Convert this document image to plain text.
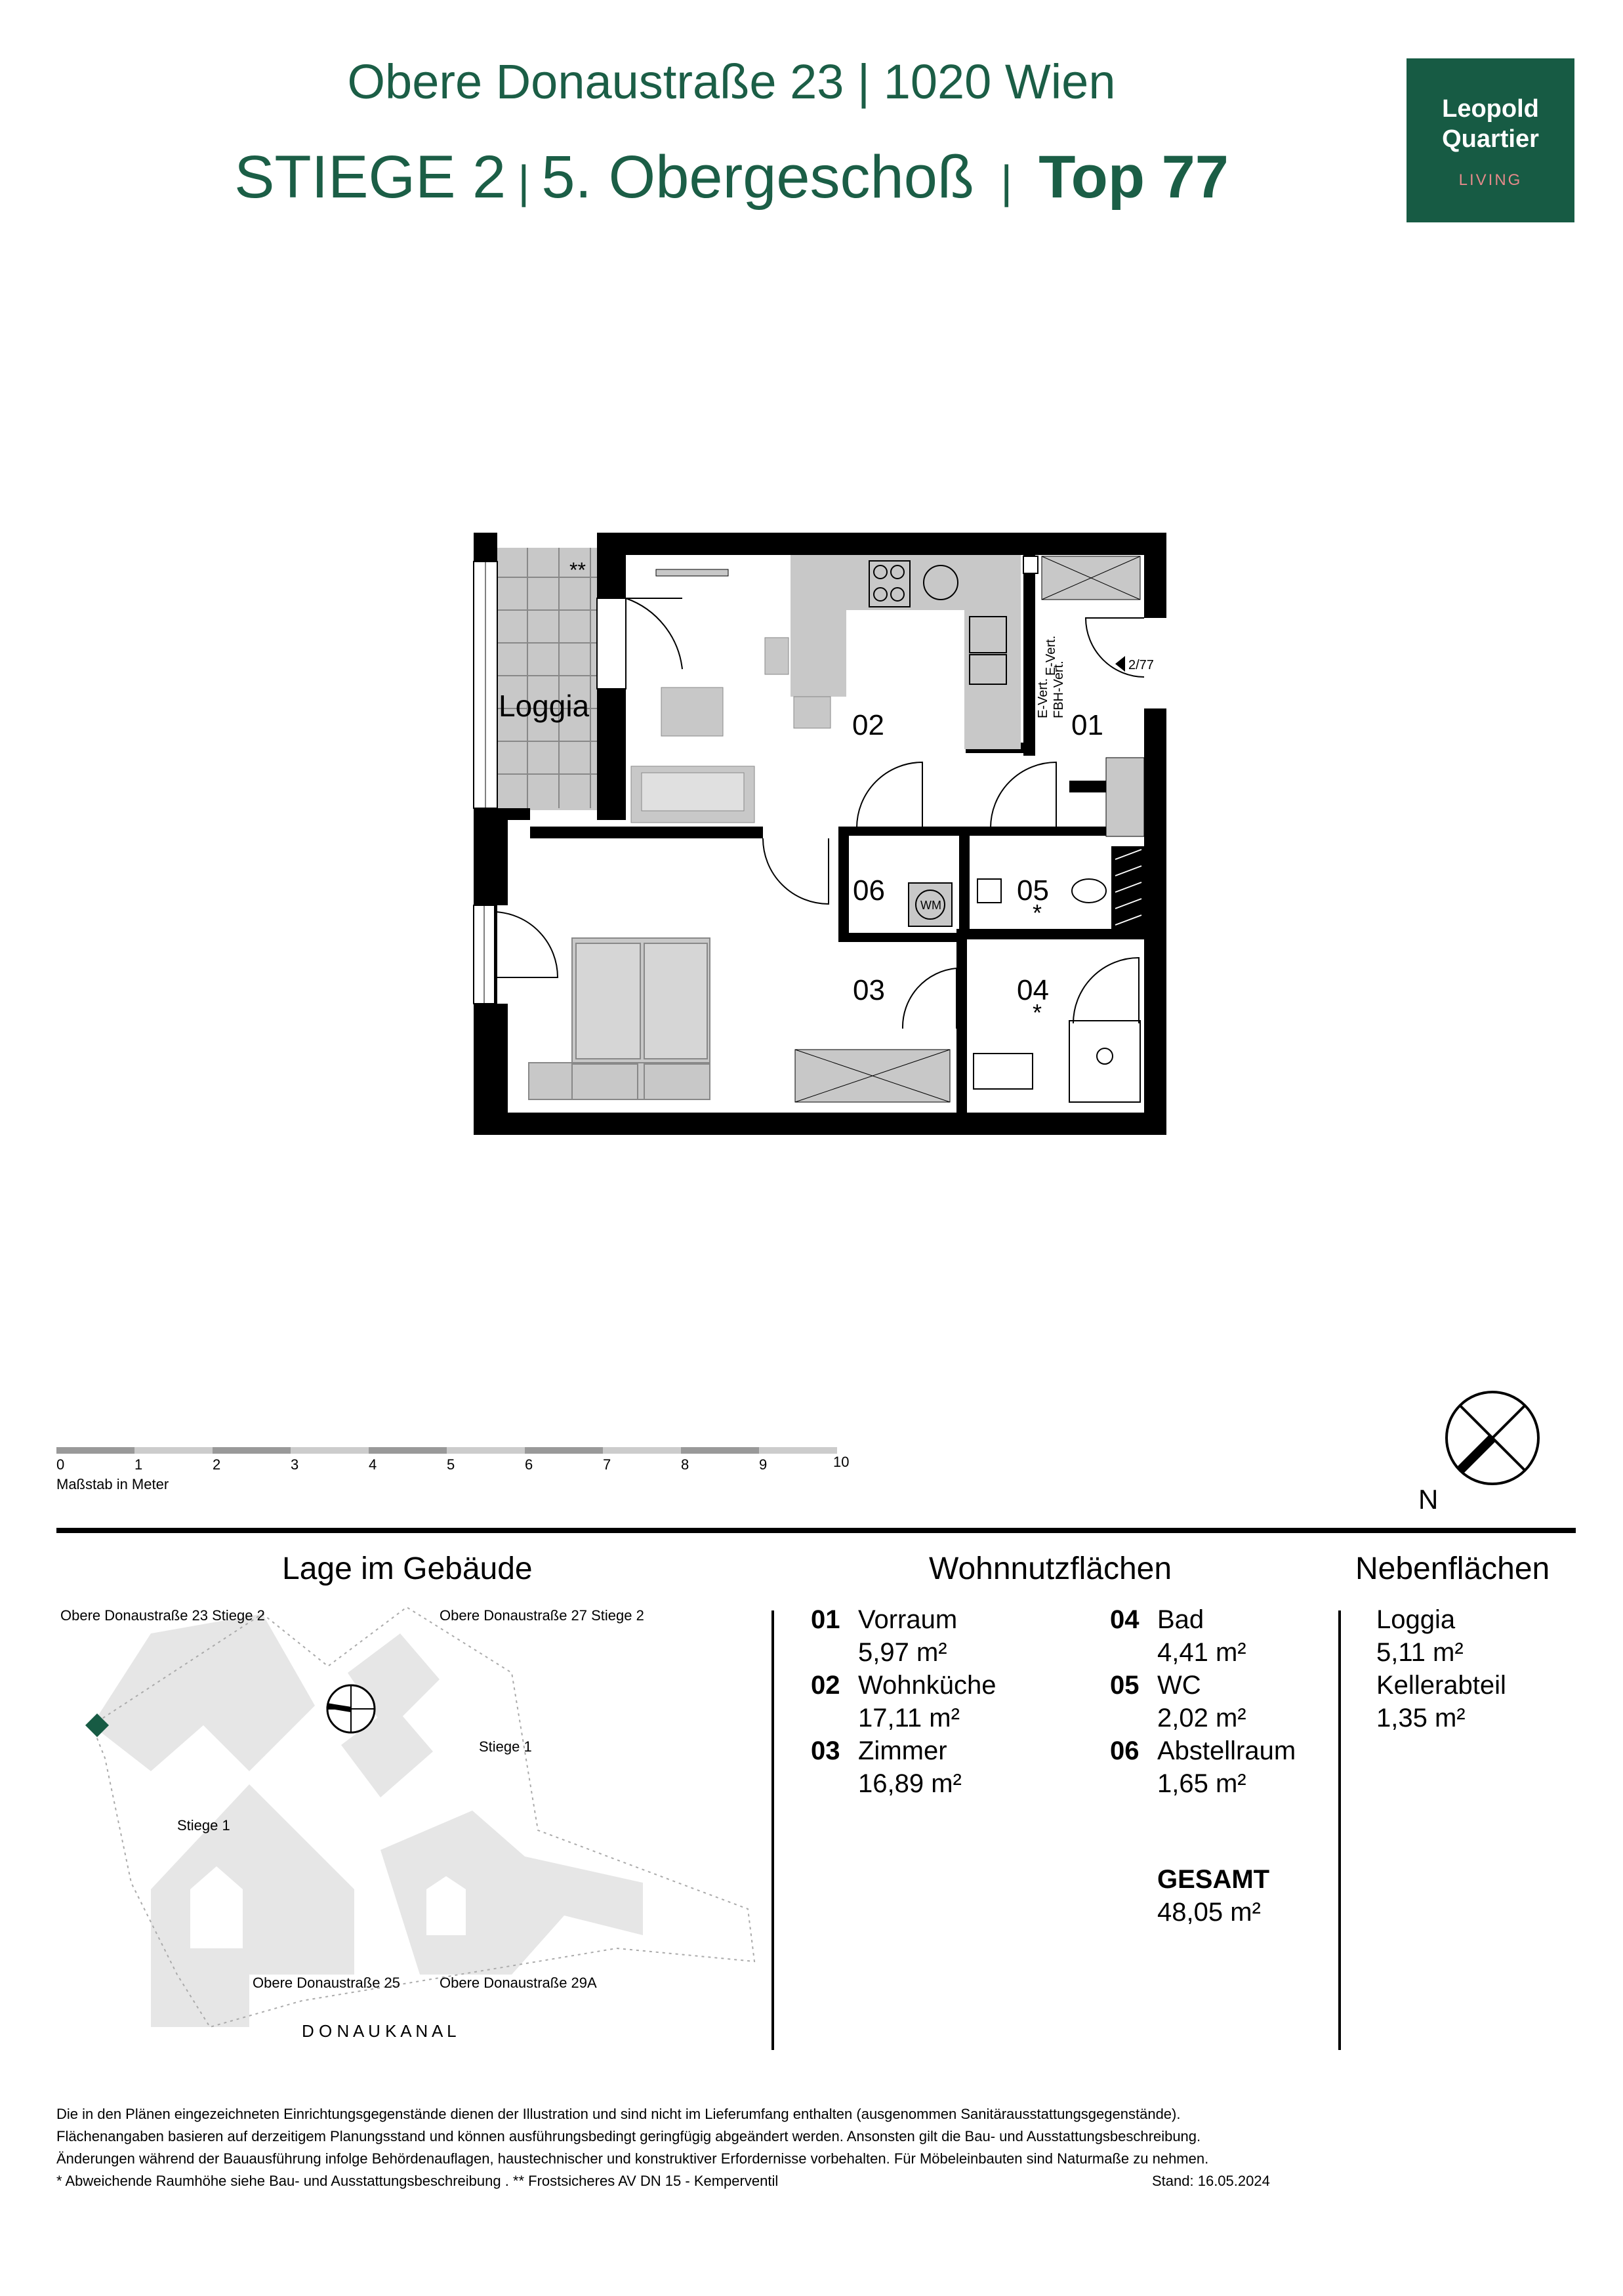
Obere Donaustraße 23 | 1020 Wien
STIEGE 2 | 5. Obergeschoß | Top 77
Leopold
Quartier
LIVING
Loggia
**
02	01
06	05
03	04
*
*
WM
2/77
E-Vert.
E-Vert.
FBH-Vert.
0	1	2	3	4	5	6	7	8	9	10
Maßstab in Meter	N
Lage im Gebäude
Obere Donaustraße 23 Stiege 2	Obere Donaustraße 27 Stiege 2
Stiege 1
Stiege 1
Obere Donaustraße 25	Obere Donaustraße 29A
D O N A U K A N A L
Wohnnutzflächen
01 Vorraum
5,97 m²
02 Wohnküche
17,11 m²
03 Zimmer
16,89 m²
04 Bad
4,41 m²
05 WC
2,02 m²
06 Abstellraum
1,65 m²
GESAMT
48,05 m²
Nebenflächen
Loggia
5,11 m²
Kellerabteil
1,35 m²
Die in den Plänen eingezeichneten Einrichtungsgegenstände dienen der Illustration und sind nicht im Lieferumfang enthalten (ausgenommen Sanitärausstattungsgegenstände).
Flächenangaben basieren auf derzeitigem Planungsstand und können ausführungsbedingt geringfügig abgeändert werden. Ansonsten gilt die Bau- und Ausstattungsbeschreibung.
Änderungen während der Bauausführung infolge Behördenauflagen, haustechnischer und konstruktiver Erfordernisse vorbehalten. Für Möbeleinbauten sind Naturmaße zu nehmen.
* Abweichende Raumhöhe siehe Bau- und Ausstattungsbeschreibung . ** Frostsicheres AV DN 15 - Kemperventil	Stand: 16.05.2024
